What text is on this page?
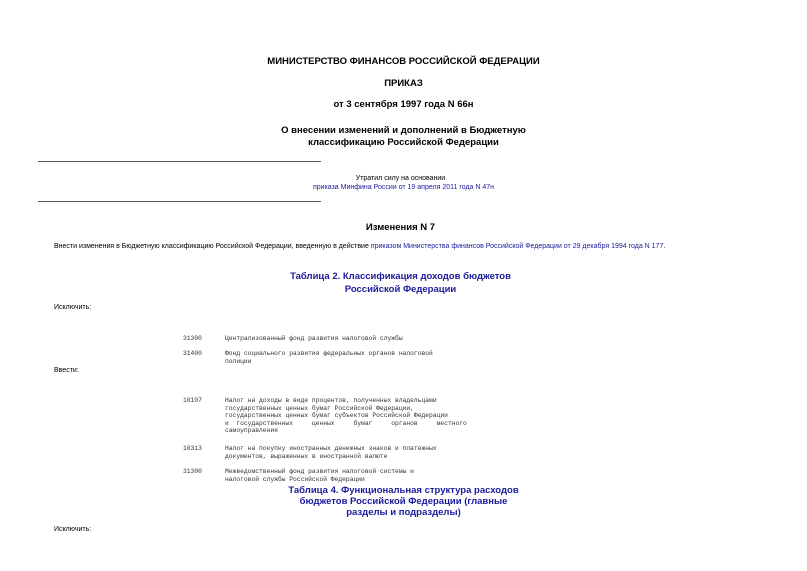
МИНИСТЕРСТВО ФИНАНСОВ РОССИЙСКОЙ ФЕДЕРАЦИИ
ПРИКАЗ
от 3 сентября 1997 года N 66н
О внесении изменений и дополнений в Бюджетную
классификацию Российской Федерации
Утратил силу на основании
приказа Минфина России от 19 апреля 2011 года N 47н
Изменения N 7
Внести изменения в Бюджетную классификацию Российской Федерации, введенную в действие приказом Министерства финансов Российской Федерации от 29 декабря 1994 года N 177.
Таблица 2. Классификация доходов бюджетов
Российской Федерации
Исключить:
31300	Централизованный фонд развития налоговой службы
31400	Фонд социального развития федеральных органов налоговой
полиции
Ввести:
10107	Налог на доходы в виде процентов, полученных владельцами
государственных ценных бумаг Российской Федерации,
государственных ценных бумаг субъектов Российской Федерации
и  государственных     ценных     бумаг     органов     местного
самоуправления
10313	Налог на покупку иностранных денежных знаков и платежных
документов, выраженных в иностранной валюте
31300	Межведомственный фонд развития налоговой системы и
налоговой службы Российской Федерации
Таблица 4. Функциональная структура расходов
бюджетов Российской Федерации (главные
разделы и подразделы)
Исключить:
